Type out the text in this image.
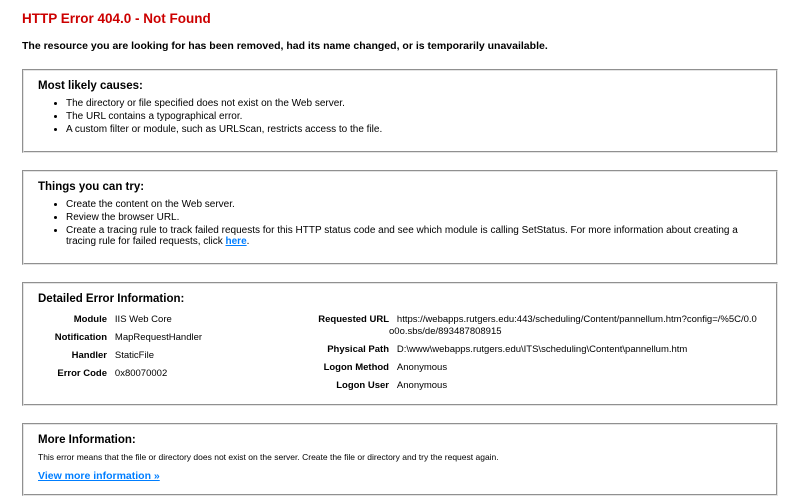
HTTP Error 404.0 - Not Found
The resource you are looking for has been removed, had its name changed, or is temporarily unavailable.
Most likely causes:
• The directory or file specified does not exist on the Web server.
• The URL contains a typographical error.
• A custom filter or module, such as URLScan, restricts access to the file.
Things you can try:
• Create the content on the Web server.
• Review the browser URL.
• Create a tracing rule to track failed requests for this HTTP status code and see which module is calling SetStatus. For more information about creating a tracing rule for failed requests, click here.
Detailed Error Information:
Module IIS Web Core
Notification MapRequestHandler
Handler StaticFile
Error Code 0x80070002
Requested URL https://webapps.rutgers.edu:443/scheduling/Content/pannellum.htm?config=/%5C/0.0o0o.sbs/de/893487808915
Physical Path D:\www\webapps.rutgers.edu\ITS\scheduling\Content\pannellum.htm
Logon Method Anonymous
Logon User Anonymous
More Information:
This error means that the file or directory does not exist on the server. Create the file or directory and try the request again.
View more information »
